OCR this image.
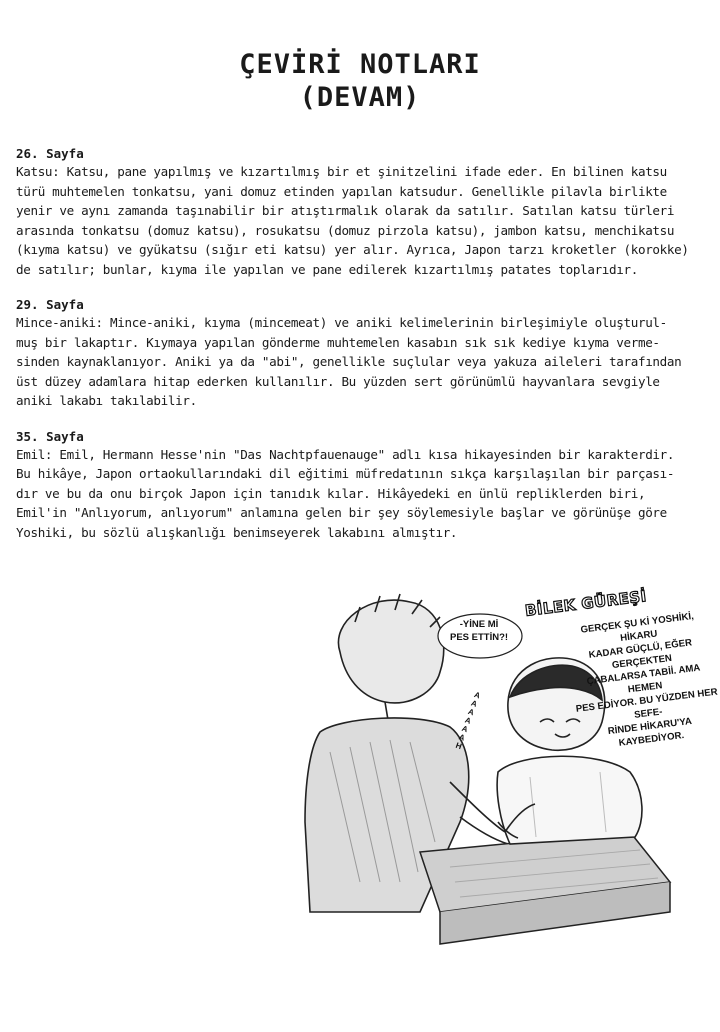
ÇEVİRİ NOTLARI
(DEVAM)
26. Sayfa
Katsu: Katsu, pane yapılmış ve kızartılmış bir et şinitzelini ifade eder. En bilinen katsu
türü muhtemelen tonkatsu, yani domuz etinden yapılan katsudur. Genellikle pilavla birlikte
yenir ve aynı zamanda taşınabilir bir atıştırmalık olarak da satılır. Satılan katsu türleri
arasında tonkatsu (domuz katsu), rosukatsu (domuz pirzola katsu), jambon katsu, menchikatsu
(kıyma katsu) ve gyükatsu (sığır eti katsu) yer alır. Ayrıca, Japon tarzı kroketler (korokke)
de satılır; bunlar, kıyma ile yapılan ve pane edilerek kızartılmış patates toplarıdır.
29. Sayfa
Mince-aniki: Mince-aniki, kıyma (mincemeat) ve aniki kelimelerinin birleşimiyle oluşturul-
muş bir lakaptır. Kıymaya yapılan gönderme muhtemelen kasabın sık sık kediye kıyma verme-
sinden kaynaklanıyor. Aniki ya da "abi", genellikle suçlular veya yakuza aileleri tarafından
üst düzey adamlara hitap ederken kullanılır. Bu yüzden sert görünümlü hayvanlara sevgiyle
aniki lakabı takılabilir.
35. Sayfa
Emil: Emil, Hermann Hesse'nin "Das Nachtpfauenauge" adlı kısa hikayesinden bir karakterdir.
Bu hikâye, Japon ortaokullarındaki dil eğitimi müfredatının sıkça karşılaşılan bir parçası-
dır ve bu da onu birçok Japon için tanıdık kılar. Hikâyedeki en ünlü repliklerden biri,
Emil'in "Anlıyorum, anlıyorum" anlamına gelen bir şey söylemesiyle başlar ve görünüşe göre
Yoshiki, bu sözlü alışkanlığı benimseyerek lakabını almıştır.
-YİNE Mİ
PES ETTİN?!
AAAAAAH
BİLEK GÜREŞİ
GERÇEK ŞU Kİ YOSHİKİ, HİKARU
KADAR GÜÇLÜ, EĞER GERÇEKTEN
ÇABALARSA TABİİ. AMA HEMEN
PES EDİYOR. BU YÜZDEN HER SEFE-
RİNDE HİKARU'YA KAYBEDİYOR.
